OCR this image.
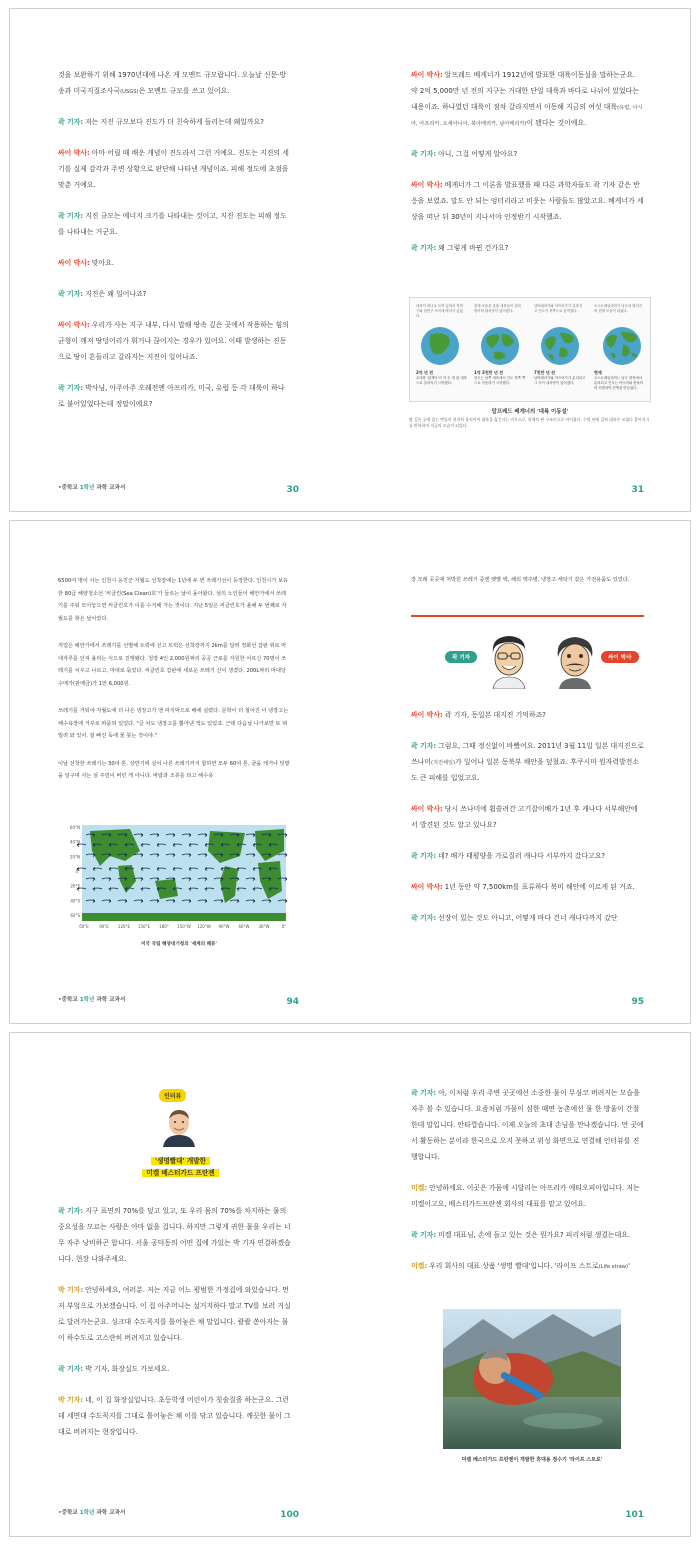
것을 보완하기 위해 1970년대에 나온 게 모멘트 규모랍니다. 오늘날 신문·방송과 미국지질조사국(USGS)은 모멘트 규모를 쓰고 있어요.
곽 기자: 저는 지진 규모보다 진도가 더 친숙하게 들리는데 왜일까요?
싸이 박사: 아마 어릴 때 배운 개념이 진도라서 그런 거예요. 진도는 지진의 세기를 실제 감각과 주변 상황으로 판단해 나타낸 개념이죠. 피해 정도에 초점을 맞춘 거예요.
곽 기자: 지진 규모는 에너지 크기를 나타내는 것이고, 지진 진도는 피해 정도를 나타내는 거군요.
싸이 박사: 맞아요.
곽 기자: 지진은 왜 일어나죠?
싸이 박사: 우리가 사는 지구 내부, 다시 말해 땅속 깊은 곳에서 작용하는 힘의 균형이 깨져 땅덩어리가 휘거나 끊어지는 경우가 있어요. 이때 발생하는 진동으로 땅이 흔들리고 갈라지는 지진이 일어나죠.
곽 기자: 박사님, 아주아주 오래전엔 아프리카, 미국, 유럽 등 각 대륙이 하나로 붙어있었다는데 정말이에요?
•중학교 1학년 과학 교과서	30
싸이 박사: 알프레드 베게너가 1912년에 발표한 대륙이동설을 말하는군요. 약 2억 5,000만 년 전의 지구는 거대한 단일 대륙과 바다로 나뉘어 있었다는 내용이죠. 하나였던 대륙이 점차 갈라지면서 이동해 지금의 여섯 대륙(유럽, 아시아, 아프리카, 오세아니아, 북아메리카, 남아메리카)이 됐다는 것이에요.
곽 기자: 아니, 그걸 어떻게 알아요?
싸이 박사: 베게너가 그 이론을 발표했을 때 다른 과학자들도 곽 기자 같은 반응을 보였죠. 말도 안 되는 엉터리라고 비웃는 사람들도 많았고요. 베게너가 세상을 떠난 뒤 30년이 지나서야 인정받기 시작했죠.
곽 기자: 왜 그렇게 바뀐 건가요?
대륙이 하나로 모여 있어서 북반구와 남반구 사이에 바다가 있었다.
현재 모습을 갖춘 대륙들이 점차 벌어져 대서양이 넓어졌다.
남아메리카와 아프리카가 갈라지고 인도가 북쪽으로 움직였다.
오스트레일리아가 남극과 떨어지며 현재 모습이 되었다.
2억 년 전
초대륙 '판게아'가 약 두 개 판 대륙으로 갈라지기 시작했다.
1억 3천만 년 전
진도는 남쪽 대륙에서 인도 북쪽 쪽으로 이동하기 시작했다.
7천만 년 전
남아메리카와 아프리카가 분리되고 그 사이 대서양이 넓어졌다.
현재
오스트레일리아는 남극 대륙에서 분리되고 인도는 아시아와 충돌하며 히말라야 산맥을 만들었다.
알프레드 베게너의 '대륙 이동설'
땅 깊은 곳에 있는 맨틀이 천천히 움직이며 대륙을 옮긴다는 이론으로, 현재의 판 구조론으로 이어졌다. 수억 년에 걸쳐 대륙은 모였다 흩어지기를 반복하며 지금의 모습이 되었다.
31
6500여 명이 사는 인천시 옹진군 자월도 선착장에는 1년에 두 번 쓰레기선이 등장한다. 인천시가 보유한 80급 해양청소선 '씨클린(Sea Clean)호'가 들르는 날이 돌아왔다. 섬의 노인들이 해안가에서 쓰레기를 주워 모아놓으면 씨클린호가 이를 수거해 가는 것이다. 지난 5일은 씨클린호가 올해 두 번째로 자월도를 찾은 날이었다.
직업은 해안가에서 쓰레기를 선별해 트럭에 싣고 트럭은 선착장까지 2km를 달려 정화선 갑판 위로 마대자루를 던져 올리는 식으로 진행됐다. 청장 4인 2,000원짜리 공공 근로를 자원한 어르신 70명이 쓰레기를 치우고 나르고, 마대로 묶었다. 씨클린호 갑판에 새로운 쓰레기 산이 생겼다. 200L짜리 마대당 수매가(판매금)가 1만 6,000원.
쓰레기를 거둬야 자월도에 더 나은 냉장고가 앤 마지막으로 배에 실렸다. 문학이 더 철어진 이 냉장고는 해수욕장에 거꾸로 파묻혀 있었다. "글 차도 냉장고를 뽑아낸 적도 있었죠. 근데 다음날 나가보면 또 떠밀려 와 있어. 잘 빠진 독에 물 붓는 것이야."
이날 선착한 쓰레기는 30여 톤. 상반기에 실어 나른 쓰레기까지 합하면 모두 60여 톤, 굴을 캐거나 텃밭을 일구며 사는 섬 주민이 버린 게 아니다. 바람과 조류를 타고 해수욕
60°E	90°E 120°E 150°E 180° 150°W 120°W 90°W 60°W 30°W	0°
60°N
40°N
20°N
0°
20°S
40°S
60°S
미국 국립 해양대기청의 '세계의 해류'
•중학교 1학년 과학 교과서	94
장 모래 곳곳에 처박힌 쓰레기 중엔 햇볕 백, 해외 맥주병, 냉장고·세탁기 같은 가전용품도 있었다.
곽 기자	싸이 박사
싸이 박사: 곽 기자, 동일본 대지진 기억하죠?
곽 기자: 그럼요, 그때 정신없이 바빴어요. 2011년 3월 11일 일본 대지진으로 쓰나미(지진해일)가 일어나 일본 동북부 해안을 덮쳤죠. 후쿠시마 원자력발전소도 큰 피해를 입었고요.
싸이 박사: 당시 쓰나미에 휩쓸려간 고기잡이배가 1년 후 캐나다 서부해안에서 발견된 것도 알고 있나요?
곽 기자: 네? 배가 태평양을 가로질러 캐나다 서부까지 갔다고요?
싸이 박사: 1년 동안 약 7,500km를 표류하다 북미 해안에 이르게 된 거죠.
곽 기자: 선장이 있는 것도 아니고, 어떻게 바다 건너 캐나다까지 갔단
95
인터뷰
'생명빨대' 개발한
미켈 베스터가드 프란젠
곽 기자: 지구 표면의 70%를 덮고 있고, 또 우리 몸의 70%를 차지하는 물의 중요성을 모르는 사람은 아마 없을 겁니다. 하지만 그렇게 귀한 물을 우리는 너무 자주 낭비하곤 합니다. 서울 공덕동의 어떤 집에 가있는 박 기자 연결하겠습니다. 현장 나와주세요.
박 기자: 안녕하세요, 여러분. 저는 지금 어느 평범한 가정집에 와있습니다. 먼저 부엌으로 가보겠습니다. 이 집 아주머니는 설거지하다 말고 TV를 보러 거실로 달려가는군요. 싱크대 수도꼭지를 틀어놓은 채 말입니다. 콸콸 쏟아지는 물이 하수도로 고스란히 버려지고 있습니다.
곽 기자: 박 기자, 화장실도 가보세요.
박 기자: 네, 이 집 화장실입니다. 초등학생 어린이가 칫솔질을 하는군요. 그런데 세면대 수도꼭지를 그대로 틀어놓은 채 이를 닦고 있습니다. 깨끗한 물이 그대로 버려지는 현장입니다.
•중학교 1학년 과학 교과서	100
곽 기자: 아, 이처럼 우리 주변 곳곳에선 소중한 물이 무심코 버려지는 모습을 자주 볼 수 있습니다. 요즘처럼 가뭄이 심한 때면 농촌에선 물 한 방울이 간절한데 말입니다. 안타깝습니다. 이제 오늘의 초대 손님을 만나겠습니다. 먼 곳에서 활동하는 분이라 한국으로 오지 못하고 위성 화면으로 연결해 인터뷰를 진행합니다.
미켈: 안녕하세요. 이곳은 가뭄에 시달리는 아프리카 에티오피아입니다. 저는 미켈이고요, 베스터가드프란센 회사의 대표를 맡고 있어요.
곽 기자: 미켈 대표님, 손에 들고 있는 것은 뭔가요? 피리처럼 생겼는데요.
미켈: 우리 회사의 대표 상품 '생명 빨대'입니다. '라이프 스트로(Life straw)'
미켈 베스터가드 프란젠이 개발한 휴대용 정수기 '라이프 스트로'
101
